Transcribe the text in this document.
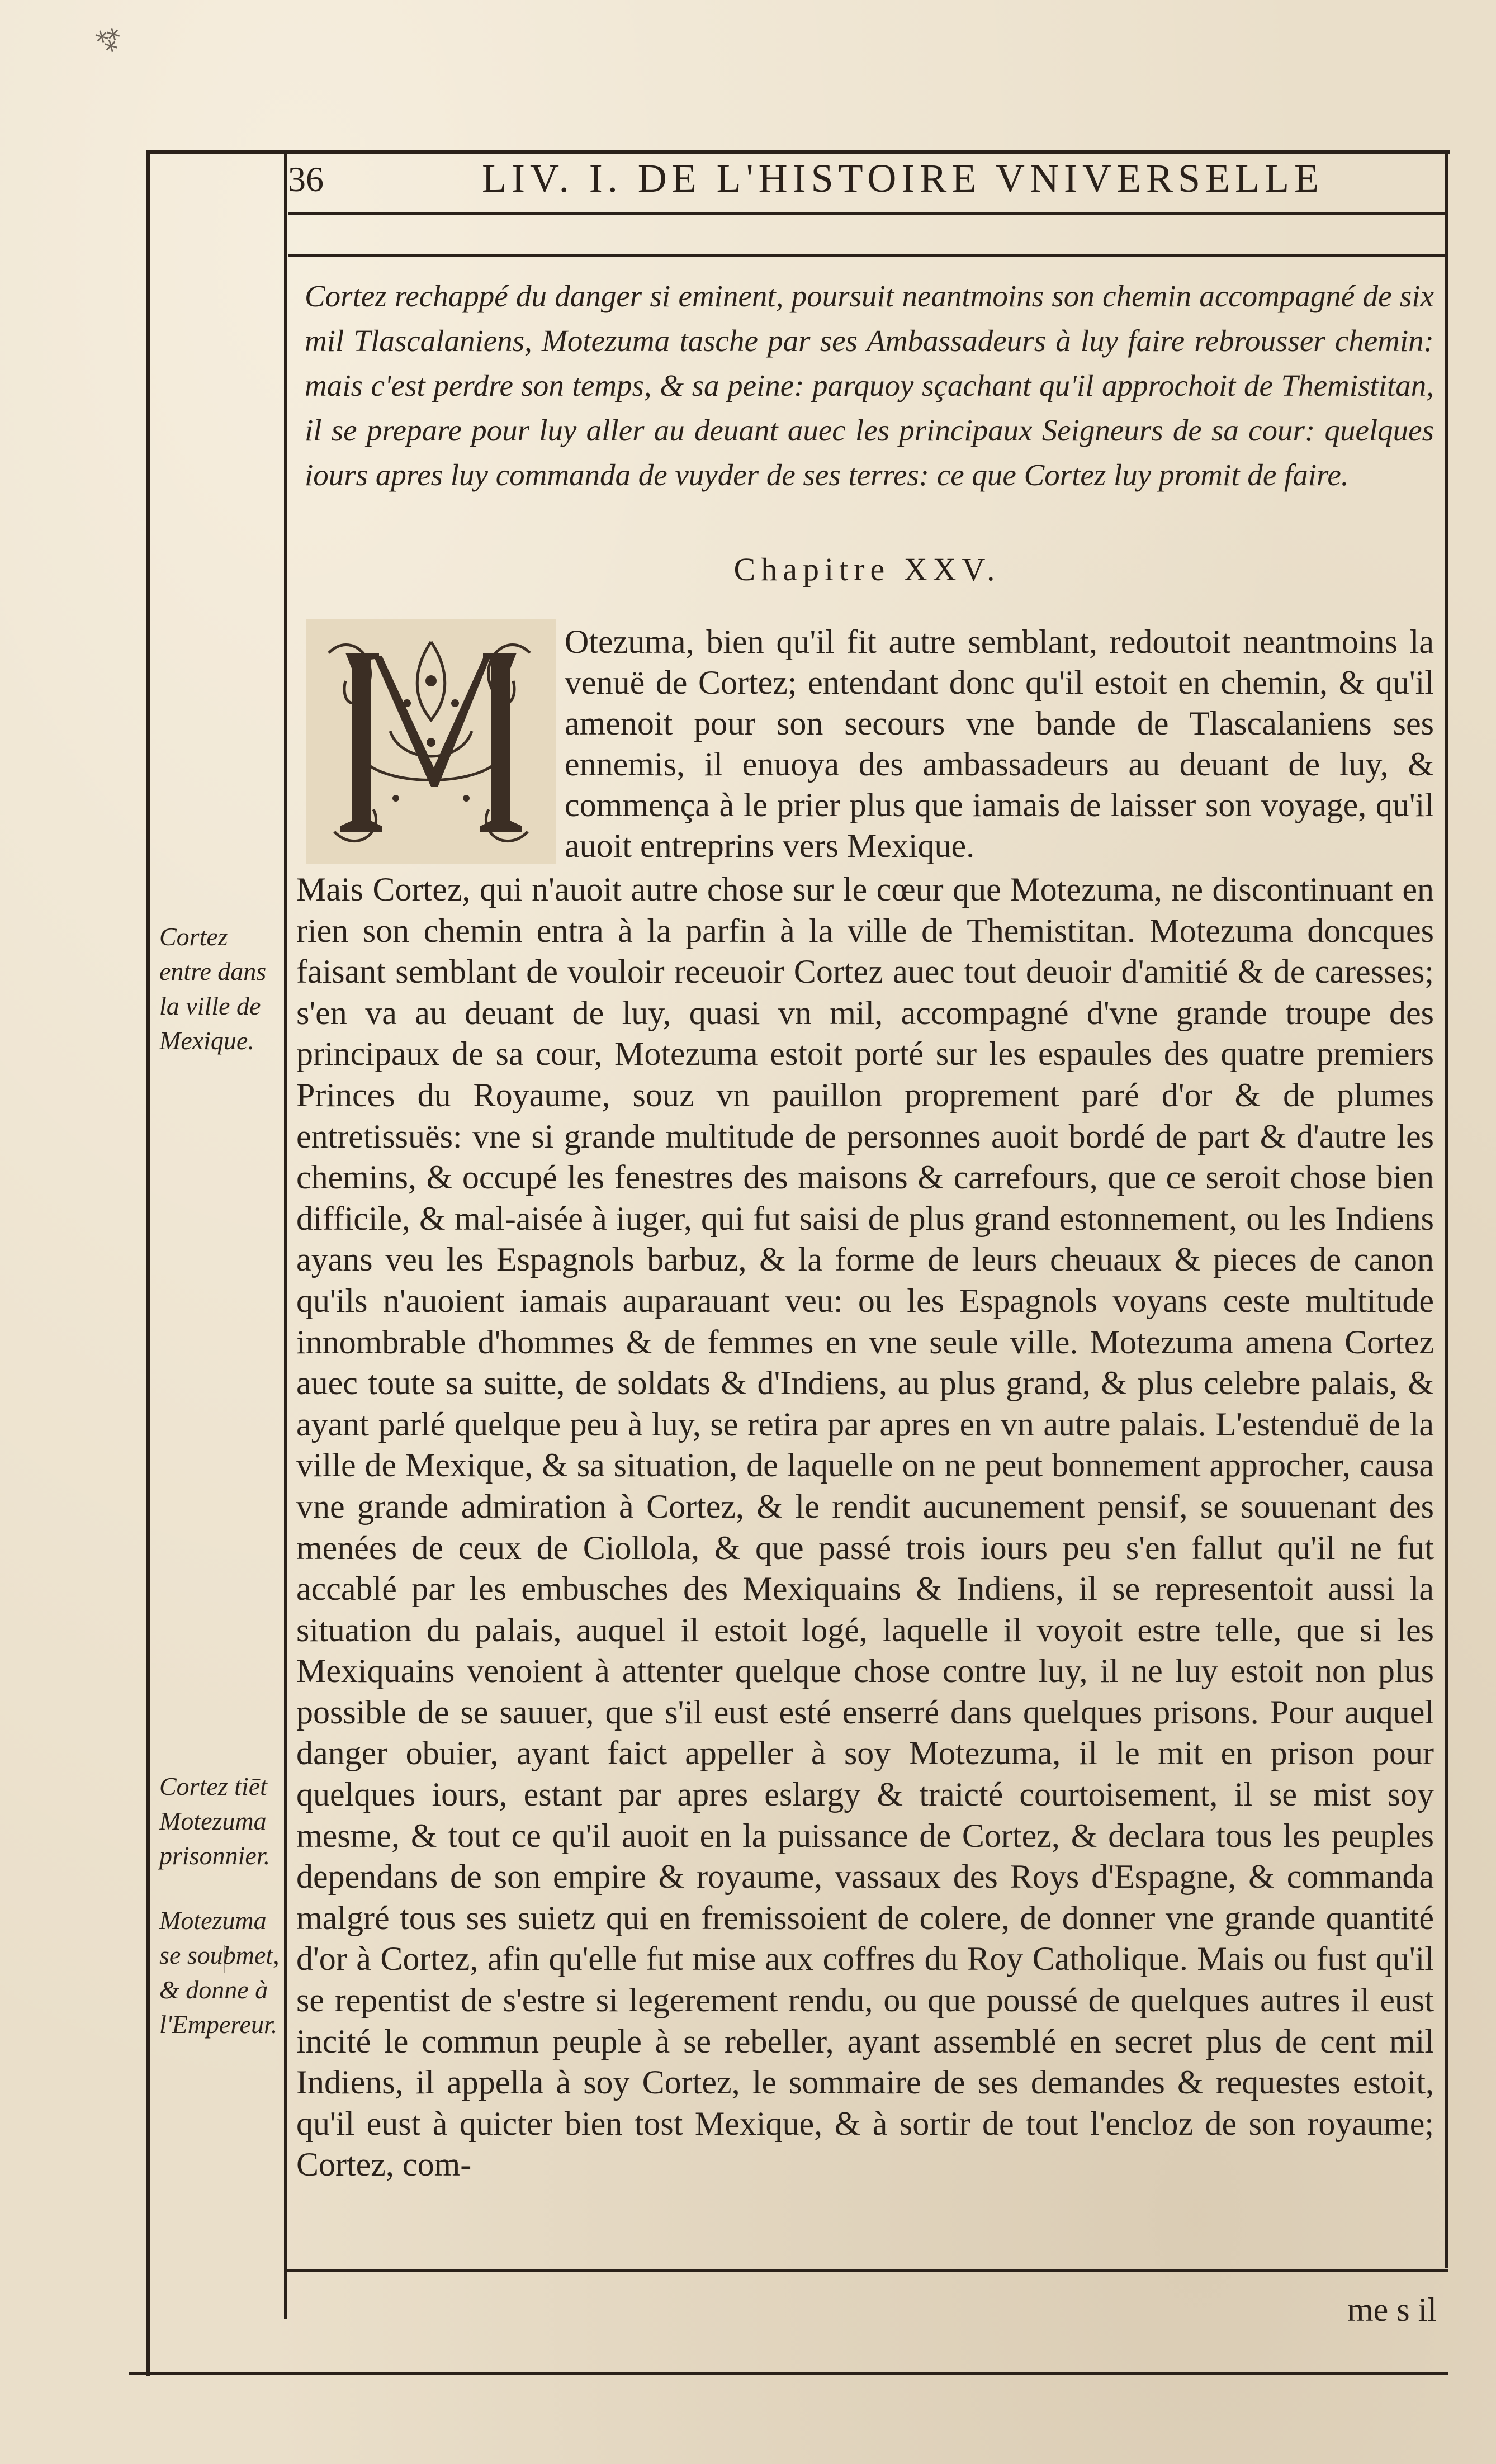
⁂
36	LIV. I. DE L'HISTOIRE VNIVERSELLE
Cortez rechappé du danger si eminent, poursuit neantmoins son chemin accompagné de six mil Tlascalaniens, Motezuma tasche par ses Ambassadeurs à luy faire rebrousser chemin: mais c'est perdre son temps, & sa peine: parquoy sçachant qu'il approchoit de Themistitan, il se prepare pour luy aller au deuant auec les principaux Seigneurs de sa cour: quelques iours apres luy commanda de vuyder de ses terres: ce que Cortez luy promit de faire.
Chapitre XXV.
Otezuma, bien qu'il fit autre semblant, redoutoit neantmoins la venuë de Cortez; entendant donc qu'il estoit en chemin, & qu'il amenoit pour son secours vne bande de Tlascalaniens ses ennemis, il enuoya des ambassadeurs au deuant de luy, & commença à le prier plus que iamais de laisser son voyage, qu'il auoit entreprins vers Mexique.
Mais Cortez, qui n'auoit autre chose sur le cœur que Motezuma, ne discontinuant en rien son chemin entra à la parfin à la ville de Themistitan. Motezuma doncques faisant semblant de vouloir receuoir Cortez auec tout deuoir d'amitié & de caresses; s'en va au deuant de luy, quasi vn mil, accompagné d'vne grande troupe des principaux de sa cour, Motezuma estoit porté sur les espaules des quatre premiers Princes du Royaume, souz vn pauillon proprement paré d'or & de plumes entretissuës: vne si grande multitude de personnes auoit bordé de part & d'autre les chemins, & occupé les fenestres des maisons & carrefours, que ce seroit chose bien difficile, & mal-aisée à iuger, qui fut saisi de plus grand estonnement, ou les Indiens ayans veu les Espagnols barbuz, & la forme de leurs cheuaux & pieces de canon qu'ils n'auoient iamais auparauant veu: ou les Espagnols voyans ceste multitude innombrable d'hommes & de femmes en vne seule ville. Motezuma amena Cortez auec toute sa suitte, de soldats & d'Indiens, au plus grand, & plus celebre palais, & ayant parlé quelque peu à luy, se retira par apres en vn autre palais. L'estenduë de la ville de Mexique, & sa situation, de laquelle on ne peut bonnement approcher, causa vne grande admiration à Cortez, & le rendit aucunement pensif, se souuenant des menées de ceux de Ciollola, & que passé trois iours peu s'en fallut qu'il ne fut accablé par les embusches des Mexiquains & Indiens, il se representoit aussi la situation du palais, auquel il estoit logé, laquelle il voyoit estre telle, que si les Mexiquains venoient à attenter quelque chose contre luy, il ne luy estoit non plus possible de se sauuer, que s'il eust esté enserré dans quelques prisons. Pour auquel danger obuier, ayant faict appeller à soy Motezuma, il le mit en prison pour quelques iours, estant par apres eslargy & traicté courtoisement, il se mist soy mesme, & tout ce qu'il auoit en la puissance de Cortez, & declara tous les peuples dependans de son empire & royaume, vassaux des Roys d'Espagne, & commanda malgré tous ses suietz qui en fremissoient de colere, de donner vne grande quantité d'or à Cortez, afin qu'elle fut mise aux coffres du Roy Catholique. Mais ou fust qu'il se repentist de s'estre si legerement rendu, ou que poussé de quelques autres il eust incité le commun peuple à se rebeller, ayant assemblé en secret plus de cent mil Indiens, il appella à soy Cortez, le sommaire de ses demandes & requestes estoit, qu'il eust à quicter bien tost Mexique, & à sortir de tout l'encloz de son royaume; Cortez, com-
me s il
Cortez entre dans la ville de Mexique.
Cortez tiēt Motezuma prisonnier.
Motezuma se soubmet, & donne à l'Empereur.
